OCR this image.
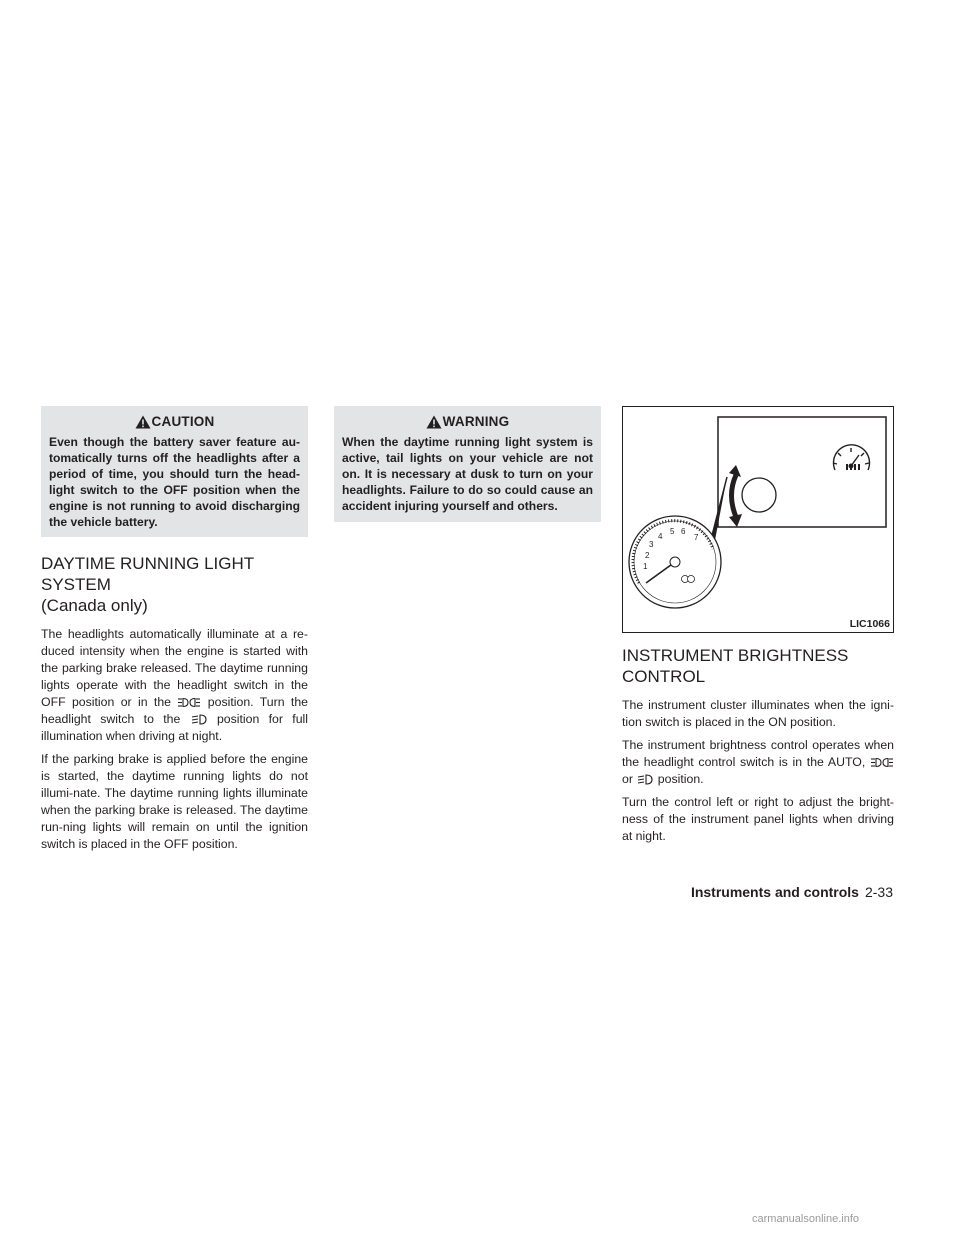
CAUTION

Even though the battery saver feature au-tomatically turns off the headlights after a period of time, you should turn the head-light switch to the OFF position when the engine is not running to avoid discharging the vehicle battery.

DAYTIME RUNNING LIGHT SYSTEM
(Canada only)

The headlights automatically illuminate at a re-duced intensity when the engine is started with the parking brake released. The daytime running lights operate with the headlight switch in the OFF position or in the	position. Turn the headlight switch to the	position for full illumination when driving at night.

If the parking brake is applied before the engine is started, the daytime running lights do not illumi-nate. The daytime running lights illuminate when the parking brake is released. The daytime run-ning lights will remain on until the ignition switch is placed in the OFF position.

WARNING

When the daytime running light system is active, tail lights on your vehicle are not on. It is necessary at dusk to turn on your headlights. Failure to do so could cause an accident injuring yourself and others.

1
2
3
4
5 6
7
LIC1066
INSTRUMENT BRIGHTNESS
CONTROL

The instrument cluster illuminates when the igni-tion switch is placed in the ON position.

The instrument brightness control operates when the headlight control switch is in the AUTO,  or position.

Turn the control left or right to adjust the bright-ness of the instrument panel lights when driving at night.

Instruments and controls 2-33
carmanualsonline.info
